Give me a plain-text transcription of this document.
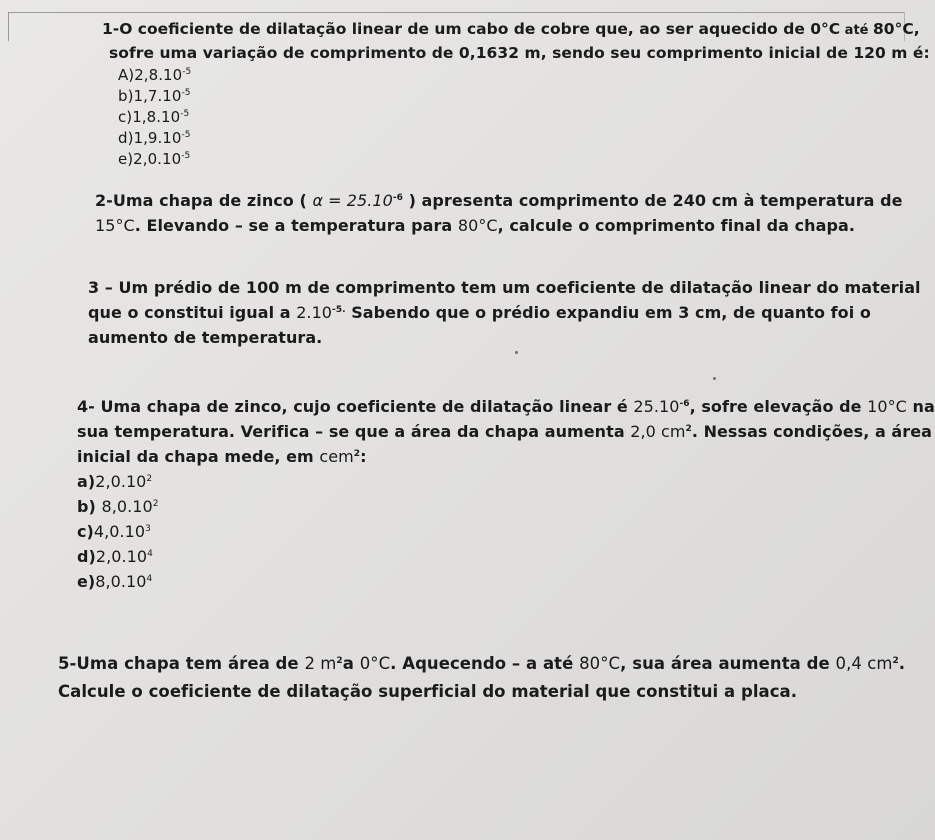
1-O coeficiente de dilatação linear de um cabo de cobre que, ao ser aquecido de 0°C até 80°C,
sofre uma variação de comprimento de 0,1632 m, sendo seu comprimento inicial de 120 m é:
$A)2,8.10^{-5}$
$b)1,7.10^{-5}$
$c)1,8.10^{-5}$
$d)1,9.10^{-5}$
$e)2,0.10^{-5}$
2-Uma chapa de zinco ( $\alpha = 25.10^{-6}$ ) apresenta comprimento de 240 cm à temperatura de
15°C. Elevando – se a temperatura para 80°C, calcule o comprimento final da chapa.
3 – Um prédio de 100 m de comprimento tem um coeficiente de dilatação linear do material
que o constitui igual a $2.10^{-5.}$ Sabendo que o prédio expandiu em 3 cm, de quanto foi o
aumento de temperatura.
4- Uma chapa de zinco, cujo coeficiente de dilatação linear é $25.10^{-6}$, sofre elevação de 10°C na
sua temperatura. Verifica – se que a área da chapa aumenta 2,0 $cm^2$. Nessas condições, a área
inicial da chapa mede, em cem$^2$:
a)2,0.10$^2$
b) 8,0.10$^2$
c)4,0.10$^3$
d)2,0.10$^4$
e)8,0.10$^4$
5-Uma chapa tem área de 2 $m^2a$ 0°C. Aquecendo – a até 80°C, sua área aumenta de 0,4 $cm^2$.
Calcule o coeficiente de dilatação superficial do material que constitui a placa.
